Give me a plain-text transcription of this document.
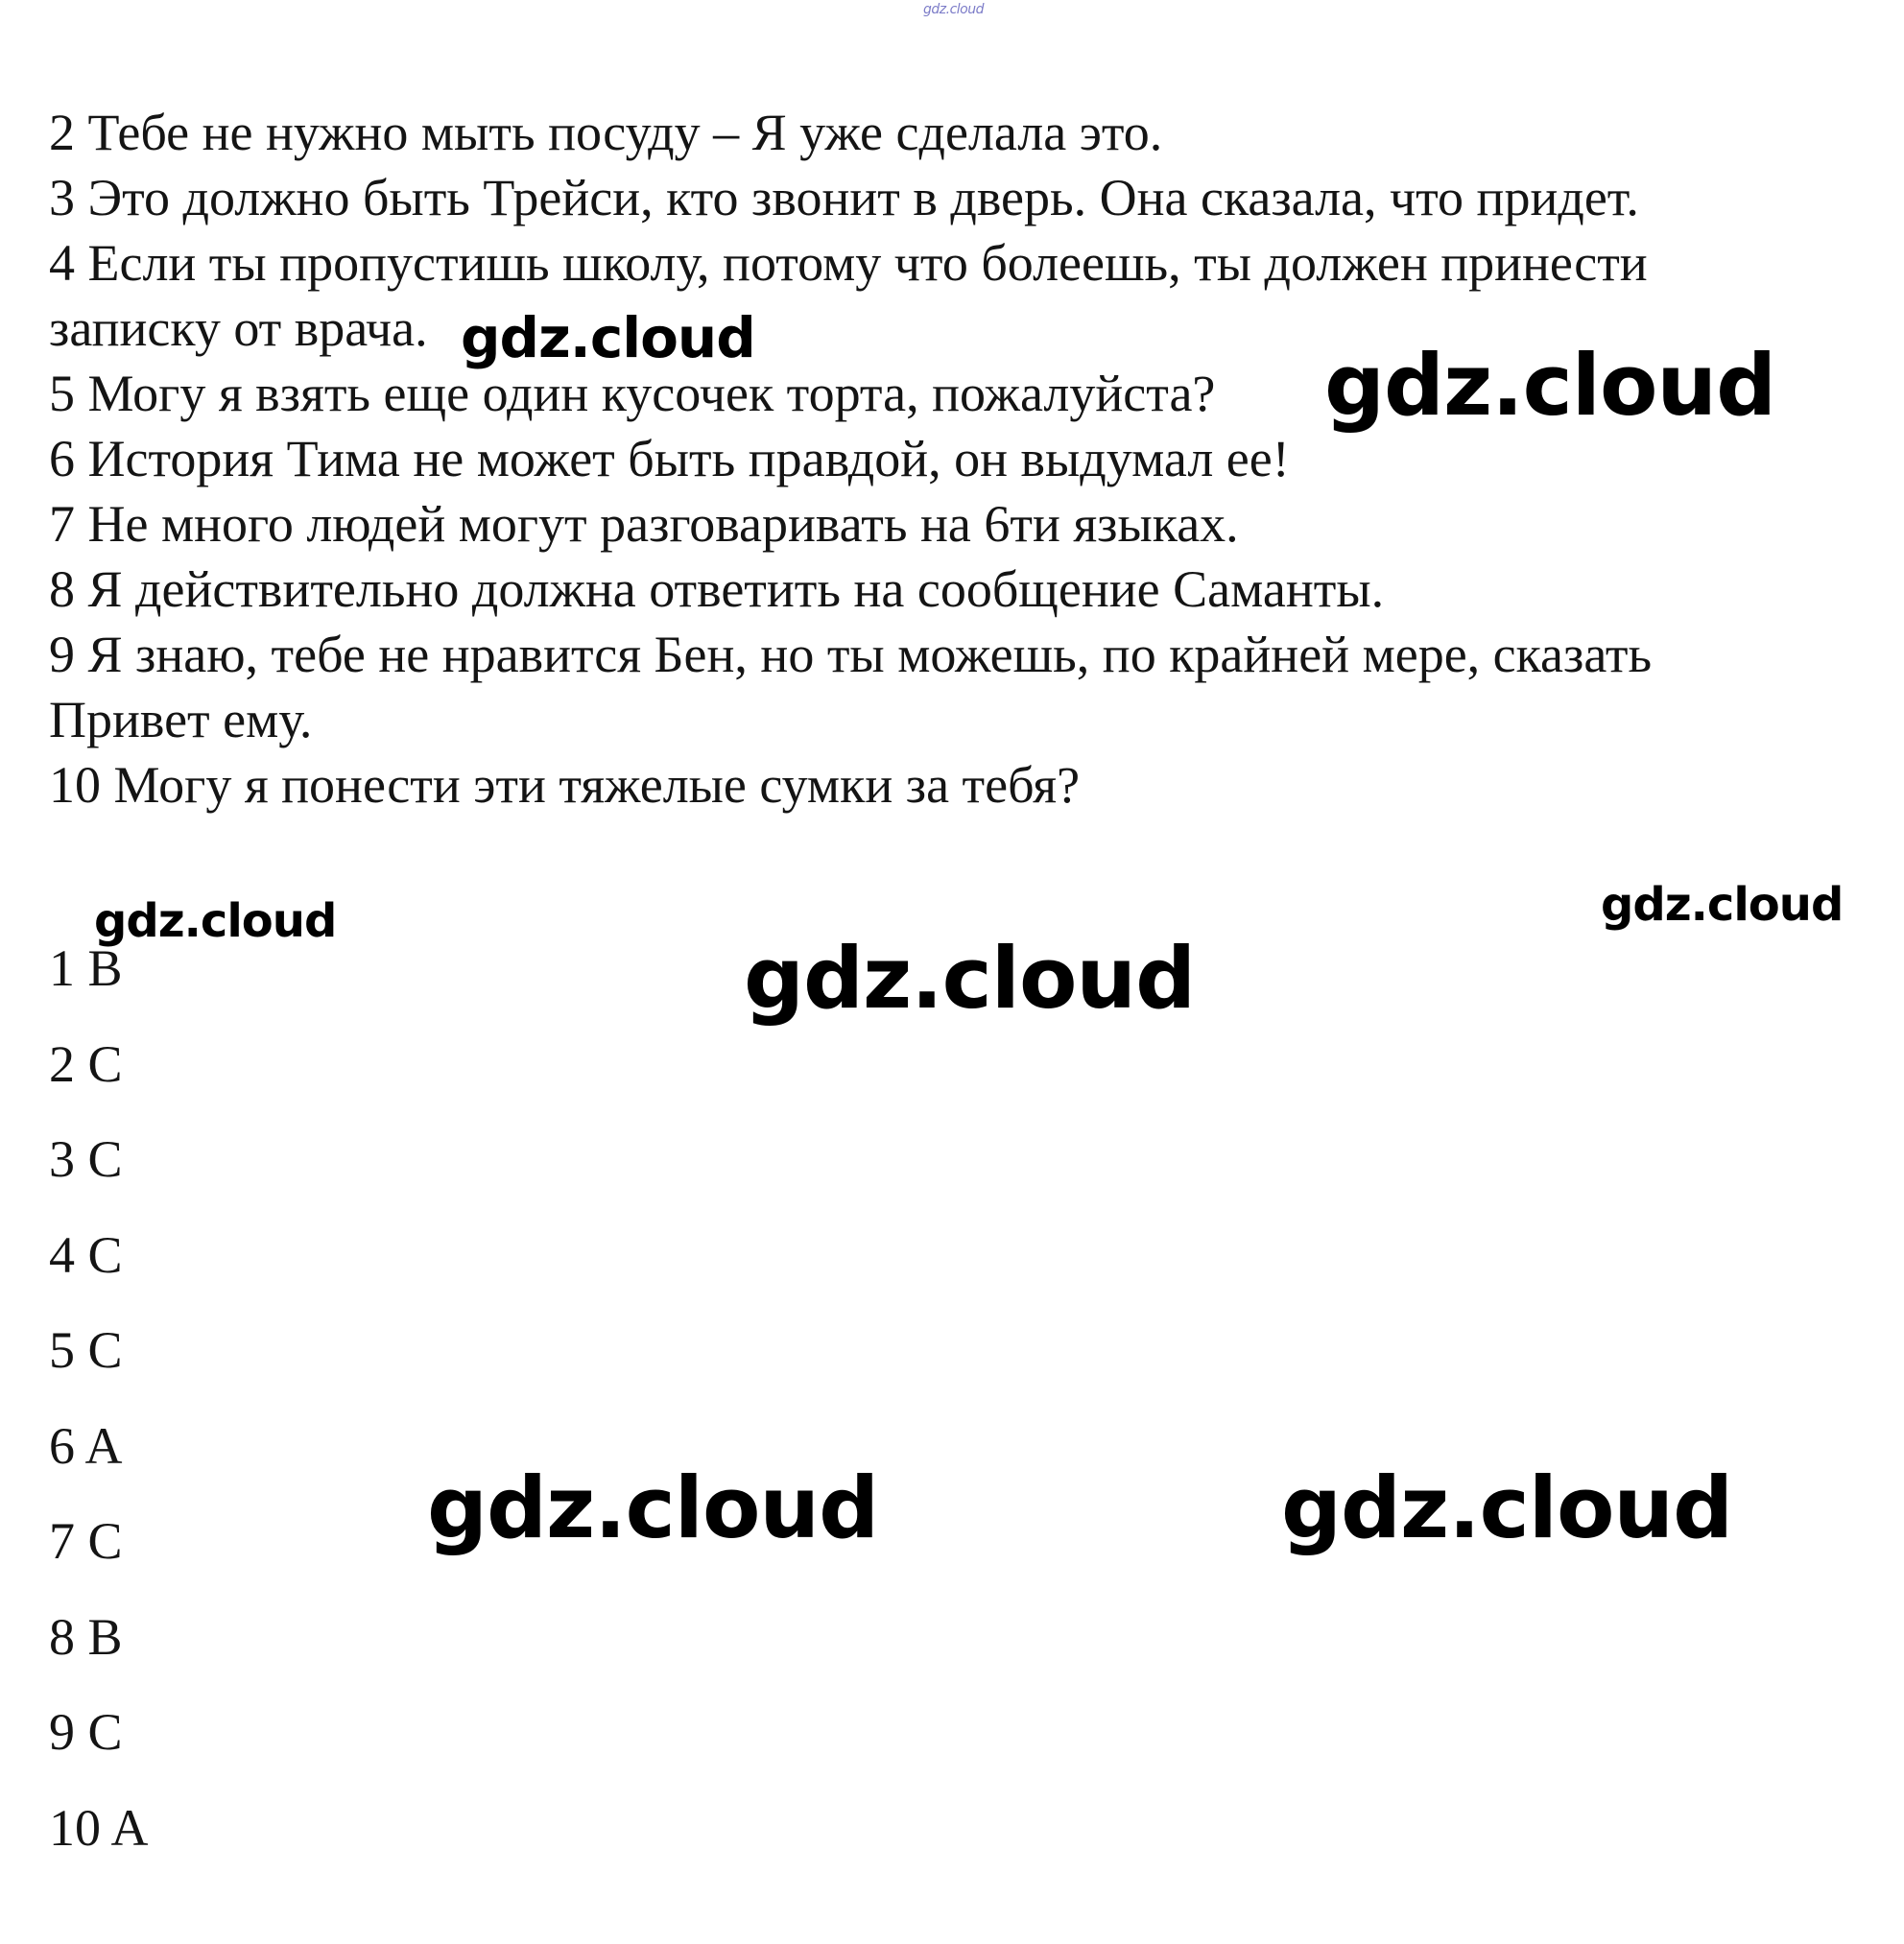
gdz.cloud
2 Тебе не нужно мыть посуду – Я уже сделала это.
3 Это должно быть Трейси, кто звонит в дверь. Она сказала, что придет.
4 Если ты пропустишь школу, потому что болеешь, ты должен принести
записку от врача.
5 Могу я взять еще один кусочек торта, пожалуйста?
6 История Тима не может быть правдой, он выдумал ее!
7 Не много людей могут разговаривать на 6ти языках.
8 Я действительно должна ответить на сообщение Саманты.
9 Я знаю, тебе не нравится Бен, но ты можешь, по крайней мере, сказать
Привет ему.
10 Могу я понести эти тяжелые сумки за тебя?
1 B
2 C
3 C
4 C
5 C
6 A
7 C
8 B
9 C
10 A
gdz.cloud	gdz.cloud
gdz.cloud	gdz.cloud
gdz.cloud
gdz.cloud	gdz.cloud
